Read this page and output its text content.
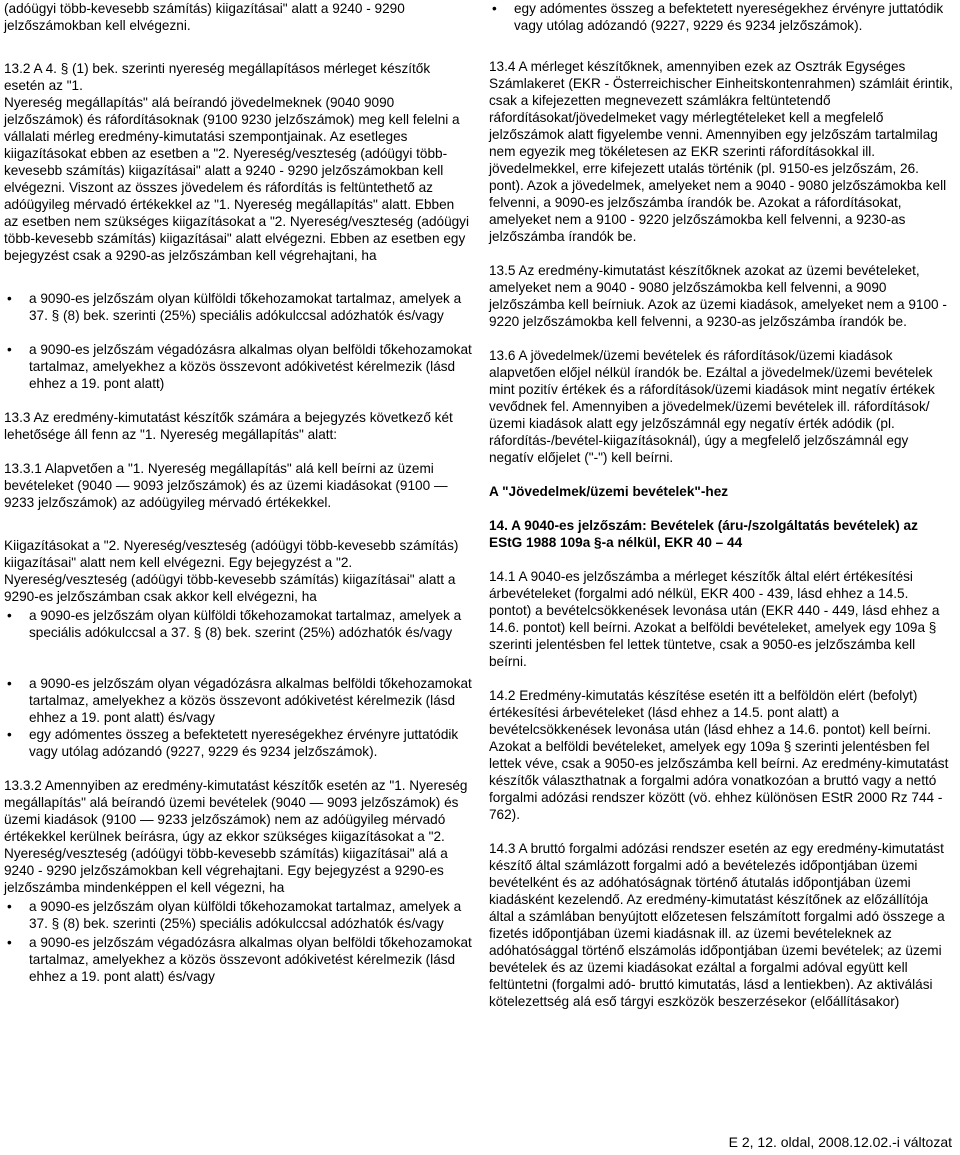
(adóügyi több-kevesebb számítás) kiigazításai" alatt a 9240 - 9290 jelzőszámokban kell elvégezni.

13.2 A 4. § (1) bek. szerinti nyereség megállapításos mérleget készítők esetén az "1.

Nyereség megállapítás" alá beírandó jövedelmeknek (9040 9090 jelzőszámok) és ráfordításoknak (9100 9230 jelzőszámok) meg kell felelni a vállalati mérleg eredmény-kimutatási szempontjainak. Az esetleges kiigazításokat ebben az esetben a "2. Nyereség/veszteség (adóügyi több-kevesebb számítás) kiigazításai" alatt a 9240 - 9290 jelzőszámokban kell elvégezni. Viszont az összes jövedelem és ráfordítás is feltüntethető az adóügyileg mérvadó értékekkel az "1. Nyereség megállapítás" alatt. Ebben az esetben nem szükséges kiigazításokat a "2. Nyereség/veszteség (adóügyi több-kevesebb számítás) kiigazításai" alatt elvégezni. Ebben az esetben egy bejegyzést csak a 9290-as jelzőszámban kell végrehajtani, ha

• a 9090-es jelzőszám olyan külföldi tőkehozamokat tartalmaz, amelyek a 37. § (8) bek. szerinti (25%) speciális adókulccsal adózhatók és/vagy
• a 9090-es jelzőszám végadózásra alkalmas olyan belföldi tőkehozamokat tartalmaz, amelyekhez a közös összevont adókivetést kérelmezik (lásd ehhez a 19. pont alatt)

13.3 Az eredmény-kimutatást készítők számára a bejegyzés következő két lehetősége áll fenn az "1. Nyereség megállapítás" alatt:

13.3.1 Alapvetően a "1. Nyereség megállapítás" alá kell beírni az üzemi bevételeket (9040 — 9093 jelzőszámok) és az üzemi kiadásokat (9100 — 9233 jelzőszámok) az adóügyileg mérvadó értékekkel.

Kiigazításokat a "2. Nyereség/veszteség (adóügyi több-kevesebb számítás) kiigazításai" alatt nem kell elvégezni. Egy bejegyzést a "2. Nyereség/veszteség (adóügyi több-kevesebb számítás) kiigazításai" alatt a 9290-es jelzőszámban csak akkor kell elvégezni, ha

• a 9090-es jelzőszám olyan külföldi tőkehozamokat tartalmaz, amelyek a speciális adókulccsal a 37. § (8) bek. szerint (25%) adózhatók és/vagy
• a 9090-es jelzőszám olyan végadózásra alkalmas belföldi tőkehozamokat tartalmaz, amelyekhez a közös összevont adókivetést kérelmezik (lásd ehhez a 19. pont alatt) és/vagy
• egy adómentes összeg a befektetett nyereségekhez érvényre juttatódik vagy utólag adózandó (9227, 9229 és 9234 jelzőszámok).

13.3.2 Amennyiben az eredmény-kimutatást készítők esetén az "1. Nyereség megállapítás" alá beírandó üzemi bevételek (9040 — 9093 jelzőszámok) és üzemi kiadások (9100 — 9233 jelzőszámok) nem az adóügyileg mérvadó értékekkel kerülnek beírásra, úgy az ekkor szükséges kiigazításokat a "2. Nyereség/veszteség (adóügyi több-kevesebb számítás) kiigazításai" alá a 9240 - 9290 jelzőszámokban kell végrehajtani. Egy bejegyzést a 9290-es jelzőszámba mindenképpen el kell végezni, ha

• a 9090-es jelzőszám olyan külföldi tőkehozamokat tartalmaz, amelyek a 37. § (8) bek. szerinti (25%) speciális adókulccsal adózhatók és/vagy
• a 9090-es jelzőszám végadózásra alkalmas olyan belföldi tőkehozamokat tartalmaz, amelyekhez a közös összevont adókivetést kérelmezik (lásd ehhez a 19. pont alatt) és/vagy
• egy adómentes összeg a befektetett nyereségekhez érvényre juttatódik vagy utólag adózandó (9227, 9229 és 9234 jelzőszámok).

13.4 A mérleget készítőknek, amennyiben ezek az Osztrák Egységes Számlakeret (EKR - Österreichischer Einheitskontenrahmen) számláit érintik, csak a kifejezetten megnevezett számlákra feltüntetendő ráfordításokat/jövedelmeket vagy mérlegtételeket kell a megfelelő jelzőszámok alatt figyelembe venni. Amennyiben egy jelzőszám tartalmilag nem egyezik meg tökéletesen az EKR szerinti ráfordításokkal ill. jövedelmekkel, erre kifejezett utalás történik (pl. 9150-es jelzőszám, 26. pont). Azok a jövedelmek, amelyeket nem a 9040 - 9080 jelzőszámokba kell felvenni, a 9090-es jelzőszámba írandók be. Azokat a ráfordításokat, amelyeket nem a 9100 - 9220 jelzőszámokba kell felvenni, a 9230-as jelzőszámba írandók be.

13.5 Az eredmény-kimutatást készítőknek azokat az üzemi bevételeket, amelyeket nem a 9040 - 9080 jelzőszámokba kell felvenni, a 9090 jelzőszámba kell beírniuk. Azok az üzemi kiadások, amelyeket nem a 9100 - 9220 jelzőszámokba kell felvenni, a 9230-as jelzőszámba írandók be.

13.6 A jövedelmek/üzemi bevételek és ráfordítások/üzemi kiadások alapvetően előjel nélkül írandók be. Ezáltal a jövedelmek/üzemi bevételek mint pozitív értékek és a ráfordítások/üzemi kiadások mint negatív értékek vevődnek fel. Amennyiben a jövedelmek/üzemi bevételek ill. ráfordítások/üzemi kiadások alatt egy jelzőszámnál egy negatív érték adódik (pl. ráfordítás-/bevétel-kiigazításoknál), úgy a megfelelő jelzőszámnál egy negatív előjelet ("-") kell beírni.

A "Jövedelmek/üzemi bevételek"-hez

14. A 9040-es jelzőszám: Bevételek (áru-/szolgáltatás bevételek) az EStG 1988 109a §-a nélkül, EKR 40 – 44

14.1 A 9040-es jelzőszámba a mérleget készítők által elért értékesítési árbevételeket (forgalmi adó nélkül, EKR 400 - 439, lásd ehhez a 14.5. pontot) a bevételcsökkenések levonása után (EKR 440 - 449, lásd ehhez a 14.6. pontot) kell beírni. Azokat a belföldi bevételeket, amelyek egy 109a § szerinti jelentésben fel lettek tüntetve, csak a 9050-es jelzőszámba kell beírni.

14.2 Eredmény-kimutatás készítése esetén itt a belföldön elért (befolyt) értékesítési árbevételeket (lásd ehhez a 14.5. pont alatt) a bevételcsökkenések levonása után (lásd ehhez a 14.6. pontot) kell beírni. Azokat a belföldi bevételeket, amelyek egy 109a § szerinti jelentésben fel lettek véve, csak a 9050-es jelzőszámba kell beírni. Az eredmény-kimutatást készítők választhatnak a forgalmi adóra vonatkozóan a bruttó vagy a nettó forgalmi adózási rendszer között (vö. ehhez különösen EStR 2000 Rz 744 - 762).

14.3 A bruttó forgalmi adózási rendszer esetén az egy eredmény-kimutatást készítő által számlázott forgalmi adó a bevételezés időpontjában üzemi bevételként és az adóhatóságnak történő átutalás időpontjában üzemi kiadásként kezelendő. Az eredmény-kimutatást készítőnek az előzállítója által a számlában benyújtott előzetesen felszámított forgalmi adó összege a fizetés időpontjában üzemi kiadásnak ill. az üzemi bevételeknek az adóhatósággal történő elszámolás időpontjában üzemi bevételek; az üzemi bevételek és az üzemi kiadásokat ezáltal a forgalmi adóval együtt kell feltüntetni (forgalmi adó- bruttó kimutatás, lásd a lentiekben). Az aktiválási kötelezettség alá eső tárgyi eszközök beszerzésekor (előállításakor)

E 2, 12. oldal, 2008.12.02.-i változat
